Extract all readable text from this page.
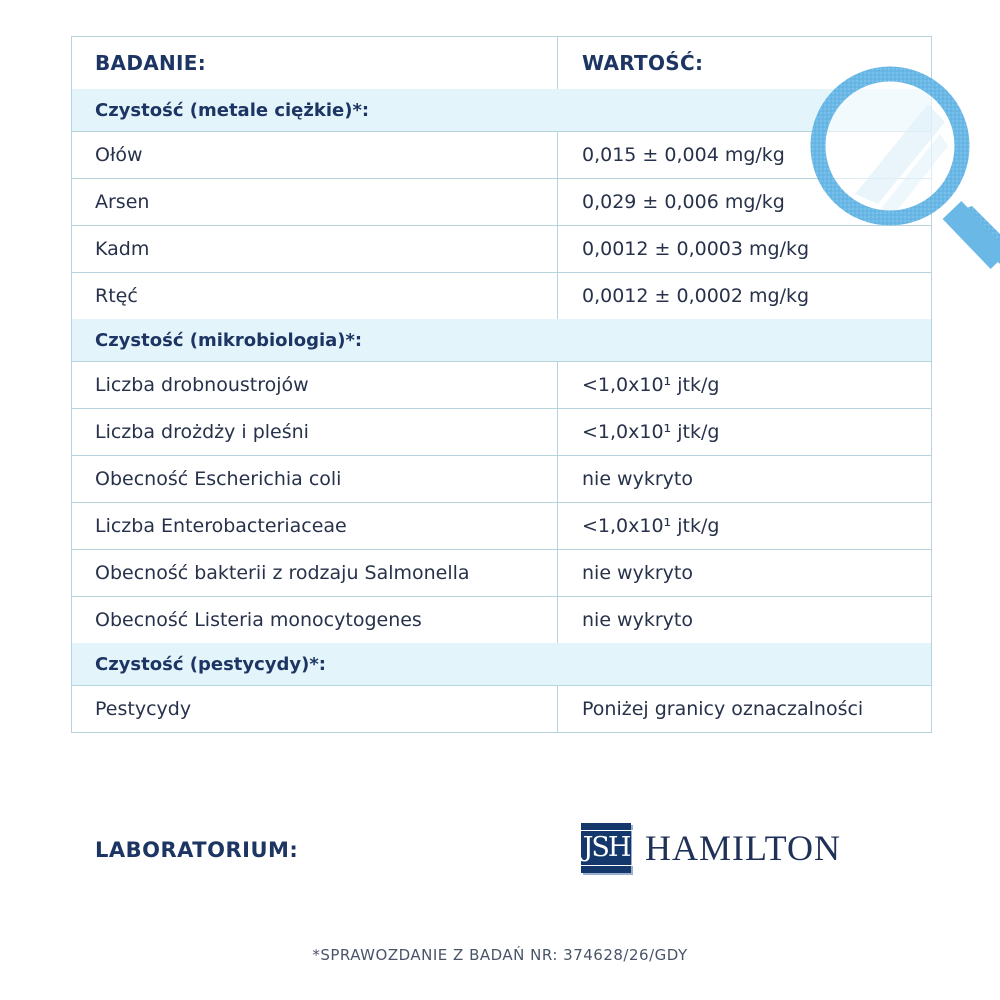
BADANIE:	WARTOŚĆ:
Czystość (metale ciężkie)*:
Ołów	0,015 ± 0,004 mg/kg
Arsen	0,029 ± 0,006 mg/kg
Kadm	0,0012 ± 0,0003 mg/kg
Rtęć	0,0012 ± 0,0002 mg/kg
Czystość (mikrobiologia)*:
Liczba drobnoustrojów	<1,0x10¹ jtk/g
Liczba drożdży i pleśni	<1,0x10¹ jtk/g
Obecność Escherichia coli	nie wykryto
Liczba Enterobacteriaceae	<1,0x10¹ jtk/g
Obecność bakterii z rodzaju Salmonella	nie wykryto
Obecność Listeria monocytogenes	nie wykryto
Czystość (pestycydy)*:
Pestycydy	Poniżej granicy oznaczalności
LABORATORIUM:	JSH HAMILTON
*SPRAWOZDANIE Z BADAŃ NR: 374628/26/GDY
